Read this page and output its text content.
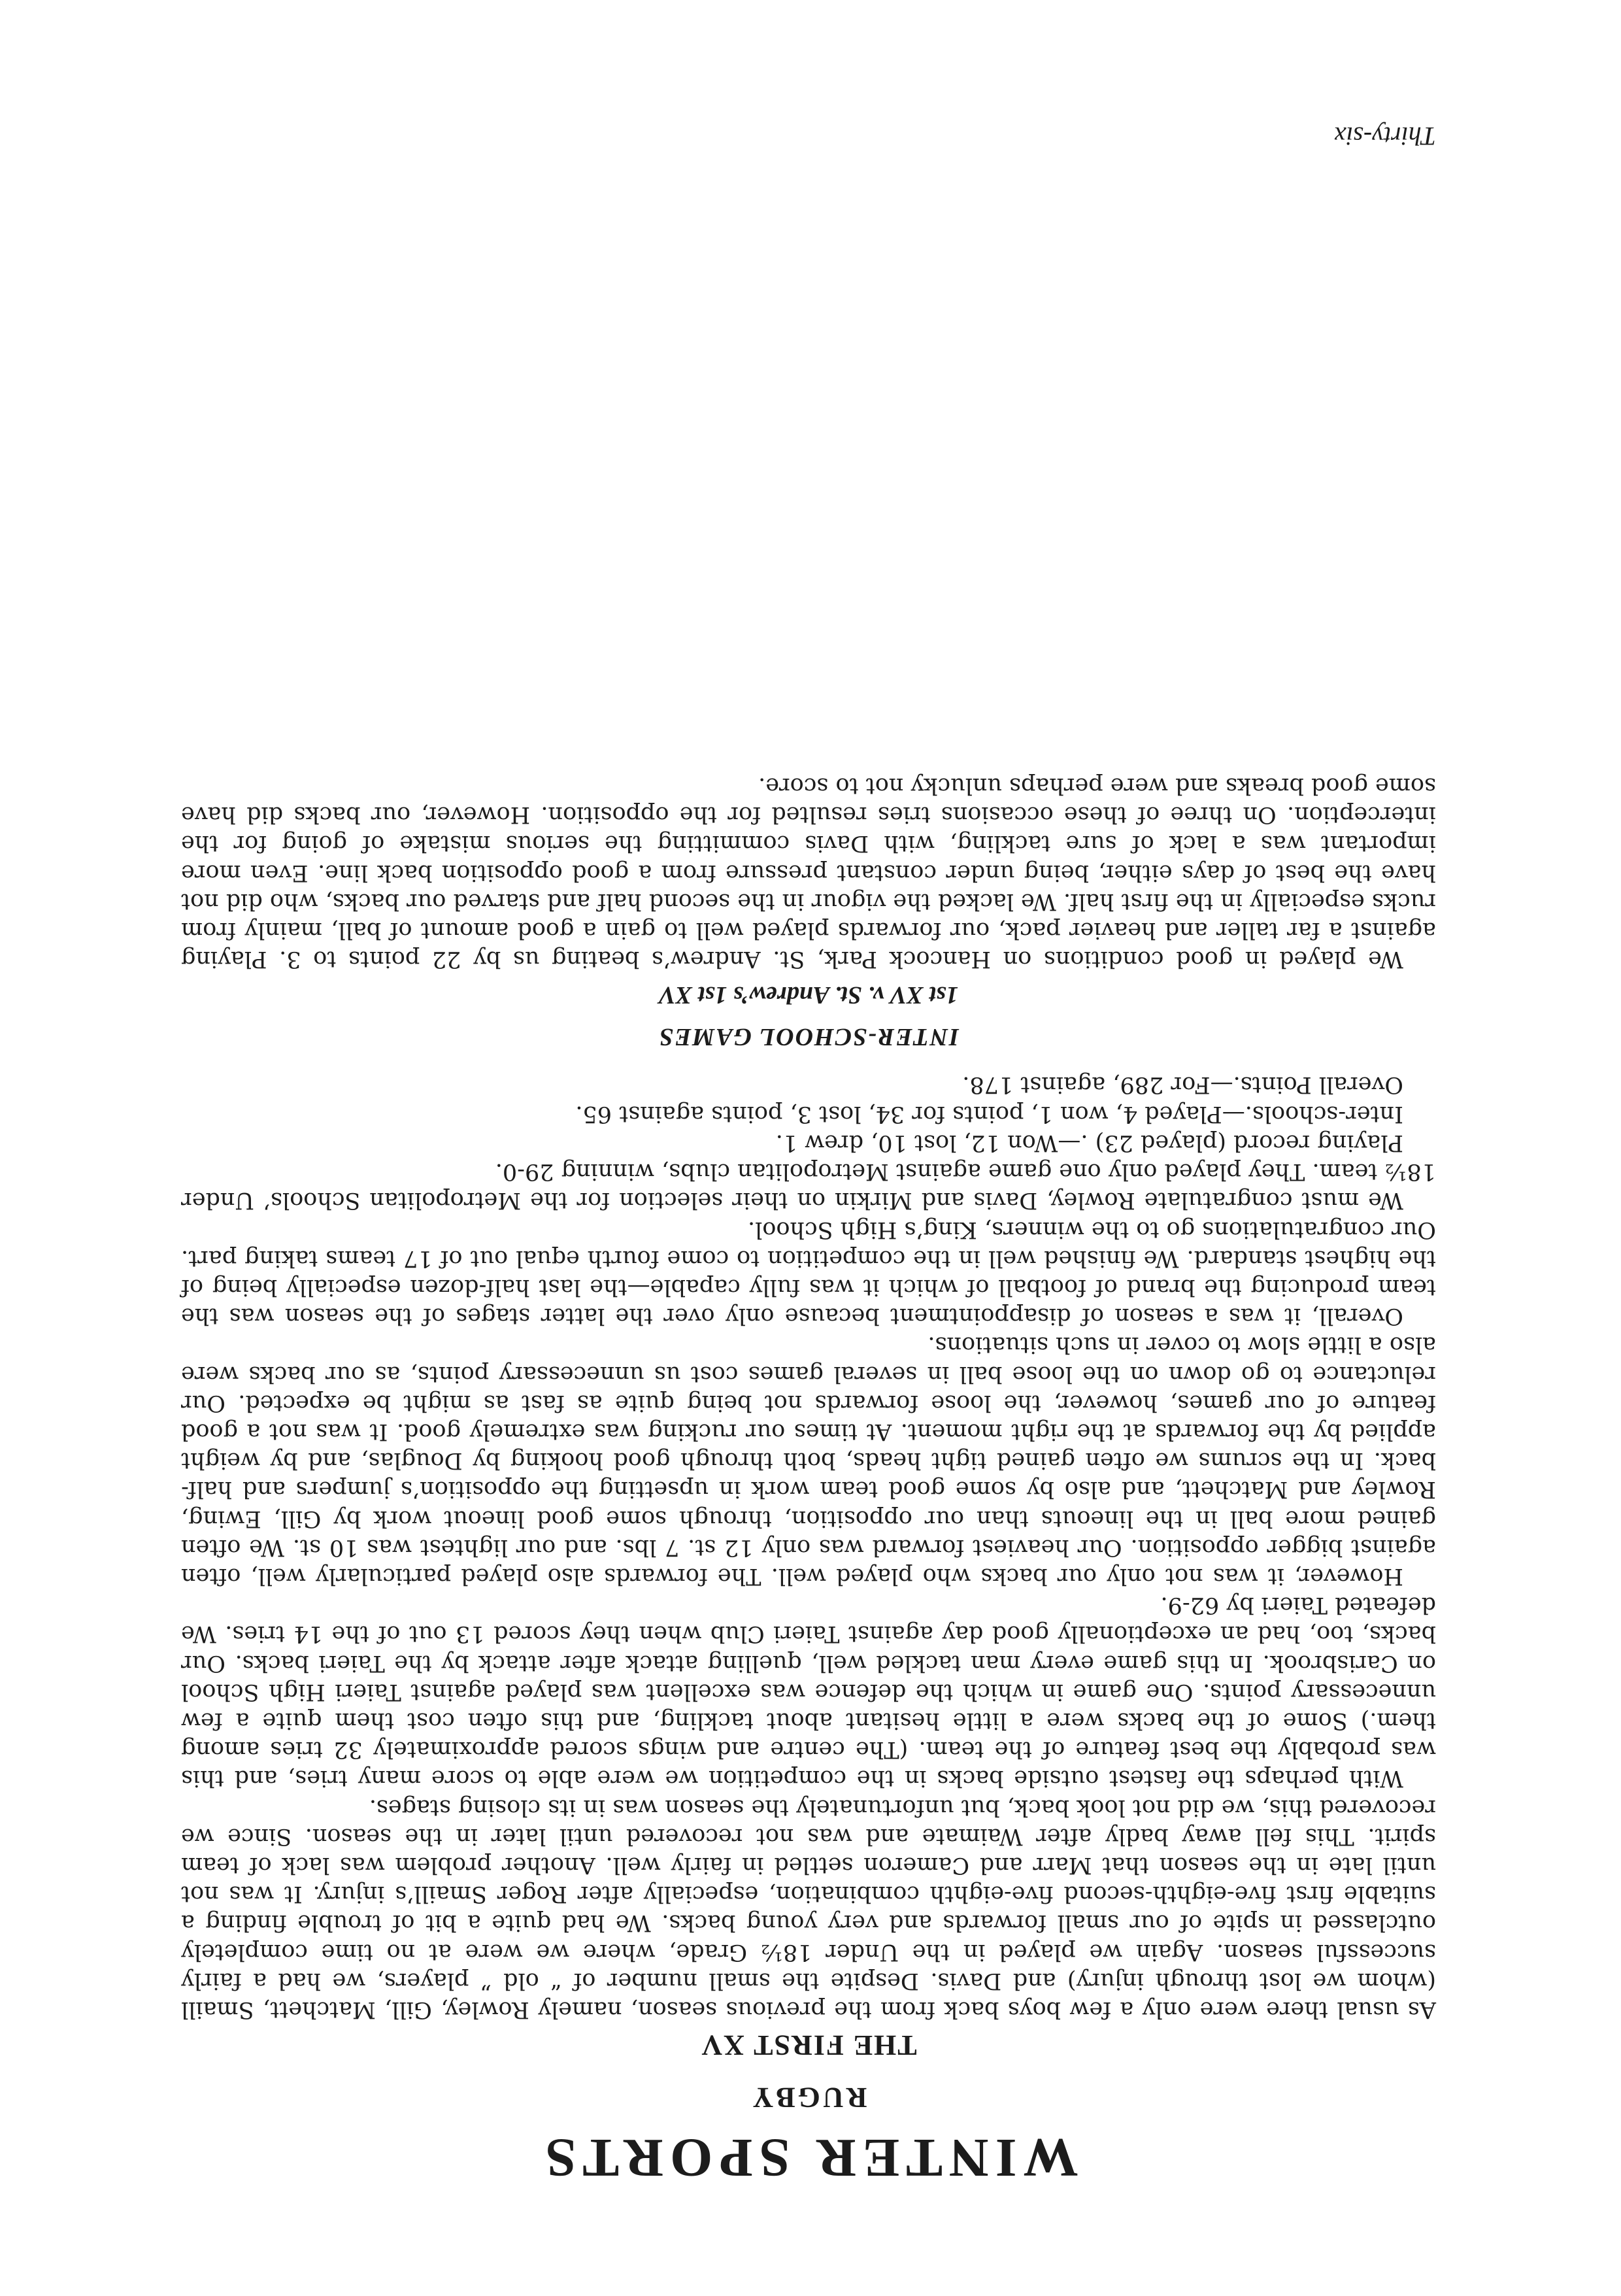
WINTER SPORTS
RUGBY
THE FIRST XV

As usual there were only a few boys back from the previous season, namely Rowley, Gill, Matchett, Smaill (whom we lost through injury) and Davis. Despite the small number of “ old ” players, we had a fairly successful season. Again we played in the Under 18½ Grade, where we were at no time completely outclassed in spite of our small forwards and very young backs. We had quite a bit of trouble finding a suitable first five-eighth-second five-eighth combination, especially after Roger Smaill’s injury. It was not until late in the season that Marr and Cameron settled in fairly well. Another problem was lack of team spirit. This fell away badly after Waimate and was not recovered until later in the season. Since we recovered this, we did not look back, but unfortunately the season was in its closing stages.

With perhaps the fastest outside backs in the competition we were able to score many tries, and this was probably the best feature of the team. (The centre and wings scored approximately 32 tries among them.) Some of the backs were a little hesitant about tackling, and this often cost them quite a few unnecessary points. One game in which the defence was excellent was played against Taieri High School on Carisbrook. In this game every man tackled well, quelling attack after attack by the Taieri backs. Our backs, too, had an exceptionally good day against Taieri Club when they scored 13 out of the 14 tries. We defeated Taieri by 62-9.

However, it was not only our backs who played well. The forwards also played particularly well, often against bigger opposition. Our heaviest forward was only 12 st. 7 lbs. and our lightest was 10 st. We often gained more ball in the lineouts than our opposition, through some good lineout work by Gill, Ewing, Rowley and Matchett, and also by some good team work in upsetting the opposition’s jumpers and half-back. In the scrums we often gained tight heads, both through good hooking by Douglas, and by weight applied by the forwards at the right moment. At times our rucking was extremely good. It was not a good feature of our games, however, the loose forwards not being quite as fast as might be expected. Our reluctance to go down on the loose ball in several games cost us unnecessary points, as our backs were also a little slow to cover in such situations.

Overall, it was a season of disappointment because only over the latter stages of the season was the team producing the brand of football of which it was fully capable—the last half-dozen especially being of the highest standard. We finished well in the competition to come fourth equal out of 17 teams taking part. Our congratulations go to the winners, King’s High School.

We must congratulate Rowley, Davis and Mirkin on their selection for the Metropolitan Schools’ Under 18½ team. They played only one game against Metropolitan clubs, winning 29-0.

Playing record (played 23) .—Won 12, lost 10, drew 1.

Inter-schools.—Played 4, won 1, points for 34, lost 3, points against 65.

Overall Points.—For 289, against 178.

INTER-SCHOOL GAMES
1st XV v. St. Andrew’s 1st XV

We played in good conditions on Hancock Park, St. Andrew’s beating us by 22 points to 3. Playing against a far taller and heavier pack, our forwards played well to gain a good amount of ball, mainly from rucks especially in the first half. We lacked the vigour in the second half and starved our backs, who did not have the best of days either, being under constant pressure from a good opposition back line. Even more important was a lack of sure tackling, with Davis committing the serious mistake of going for the interception. On three of these occasions tries resulted for the opposition. However, our backs did have some good breaks and were perhaps unlucky not to score.

Thirty-six
